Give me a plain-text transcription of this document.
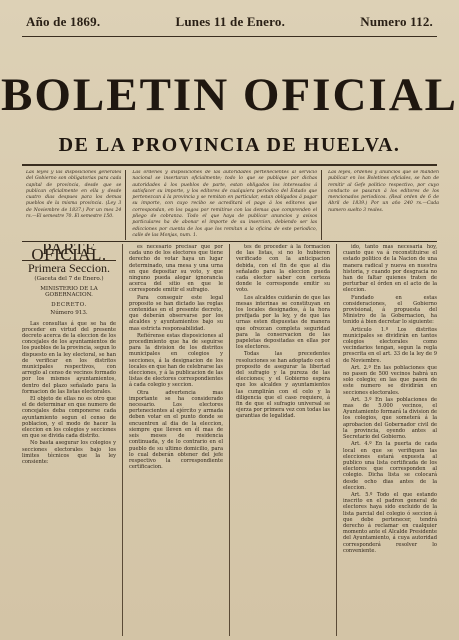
Año de 1869.	Lunes 11 de Enero.	Numero 112.
BOLETIN OFICIAL
DE LA PROVINCIA DE HUELVA.

Las leyes y las disposiciones generales del Gobierno son obligatorias para cada capital de provincia, desde que se publican oficialmente en ella y desde cuatro dias despues para los demas pueblos de la misma provincia. (Ley 3 de Noviembre de 1837.) Por un mes 24 rs.—El semestre 70. El semestre 150.

Las ordenes y disposiciones de las autoridades pertenecientes al servicio nacional se insertaran oficialmente; todo lo que se publique por dichas autoridades á los pueblos de parte, estan obligados los interesados á satisfacer su importe, y los editores de cualquiera periodico del Estado que pertenezcan á la provincia y se remitan en particular, estan obligados á pagar su importe, con cuyo recibo se acreditará el pago á los editores que correspondan, en los pagos por remitirse con las demas que comprenden el pliego de cobranza. Todo el que haya de publicar anuncios y avisos particulares ha de abonar el importe de su insercion, debiendo ser las edicciones por cuenta de los que los remitan a la oficina de este periodico, calle de las Monjas, num. 1.

Las leyes, ordenes y anuncios que se manden publicar en los Boletines oficiales, se han de remitir al Gefe politico respectivo, por cuyo conducto se pasaran á los editores de los mencionados periodicos. (Real orden de 6 de Abril de 1839.) Por un año 240 rs.—Cada numero suelto 3 reales.

PARTE OFICIAL.
Primera Seccion.
(Gaceta del 7 de Enero.)
MINISTERIO DE LA GOBERNACION.
DECRETO.
Número 913.

Las consultas á que se ha de proceder en virtud del presente decreto acerca de la eleccion de los concejales de los ayuntamientos de los pueblos de la provincia, segun lo dispuesto en la ley electoral, se han de verificar en los distritos municipales respectivos, con arreglo al censo de vecinos formado por los mismos ayuntamientos, dentro del plazo señalado para la formacion de las listas electorales.

El objeto de ellas no es otro que el de determinar en que numero de concejales deba componerse cada ayuntamiento segun el censo de poblacion, y el modo de hacer la eleccion en los colegios y secciones en que se divida cada distrito.

No basta asegurar los colegios y secciones electorales bajo los limites técnicos que la ley consiente:

es necesario precisar que por cada uno de los electores que tiene derecho de votar haya un lugar determinado, una mesa y una urna en que depositar su voto, y que ninguno pueda alegar ignorancia acerca del sitio en que le corresponde emitir el sufragio.

Para conseguir este legal proposito se han dictado las reglas contenidas en el presente decreto, que deberán observarse por los alcaldes y ayuntamientos bajo su mas estricta responsabilidad.

Refiérense estas disposiciones al procedimiento que ha de seguirse para la division de los distritos municipales en colegios y secciones, á la designacion de los locales en que han de celebrarse las elecciones, y á la publicacion de las listas de electores correspondientes á cada colegio y seccion.

Otra advertencia mas importante se ha considerado necesario. Los electores pertenecientes al ejército y armada deben votar en el punto donde se encuentren al dia de la eleccion, siempre que lleven en él mas de seis meses de residencia continuada, y de lo contrario en el pueblo de su ultimo domicilio, para lo cual deberán obtener del jefe respectivo la correspondiente certificacion.

tes de proceder á la formacion de las listas, si no lo hubieren verificado con la anticipacion debida, con el fin de que al dia señalado para la eleccion pueda cada elector saber con certeza donde le corresponde emitir su voto.

Los alcaldes cuidarán de que las mesas interinas se constituyan en los locales designados, á la hora prefijada por la ley, y de que las urnas esten dispuestas de manera que ofrezcan completa seguridad para la conservacion de las papeletas depositadas en ellas por los electores.

Todas las precedentes resoluciones se han adoptado con el proposito de asegurar la libertad del sufragio y la pureza de las elecciones; y el Gobierno espera que los alcaldes y ayuntamientos las cumplirán con el celo y la diligencia que el caso requiere, á fin de que el sufragio universal se ejerza por primera vez con todas las garantias de legalidad.

ido, tanto mas necesaria hoy, cuanto que va á reconstituirse el estado politico de la Nacion de una manera radical y nueva en nuestra historia, y cuando por desgracia no han de faltar quienes traten de perturbar el órden en el acto de la eleccion.

Fundado en estas consideraciones, el Gobierno provisional, á propuesta del Ministro de la Gobernacion, ha tenido á bien decretar lo siguiente:

Articulo 1.º Los distritos municipales se dividirán en tantos colegios electorales como vecindarios tengan, segun la regla prescrita en el art. 33 de la ley de 9 de Noviembre.

Art. 2.º En las poblaciones que no pasen de 500 vecinos habrá un solo colegio; en las que pasen de este numero se dividirán en secciones electorales.

Art. 3.º En las poblaciones de mas de 5.000 vecinos, el Ayuntamiento formará la division de los colegios, que someterá á la aprobacion del Gobernador civil de la provincia, oyendo antes al Secretario del Gobierno.

Art. 4.º En la puerta de cada local en que se verifiquen las elecciones estará expuesta al publico una lista certificada de los electores que corresponden al colegio. Dicha lista se colocará desde ocho dias antes de la eleccion.

Art. 5.º Todo el que estando inscrito en el padron general de electores haya sido excluido de la lista parcial del colegio ó seccion á que debe pertenecer, tendrá derecho á reclamar en cualquier momento ante el Alcalde Presidente del Ayuntamiento, á cuya autoridad corresponderá resolver lo conveniente.
